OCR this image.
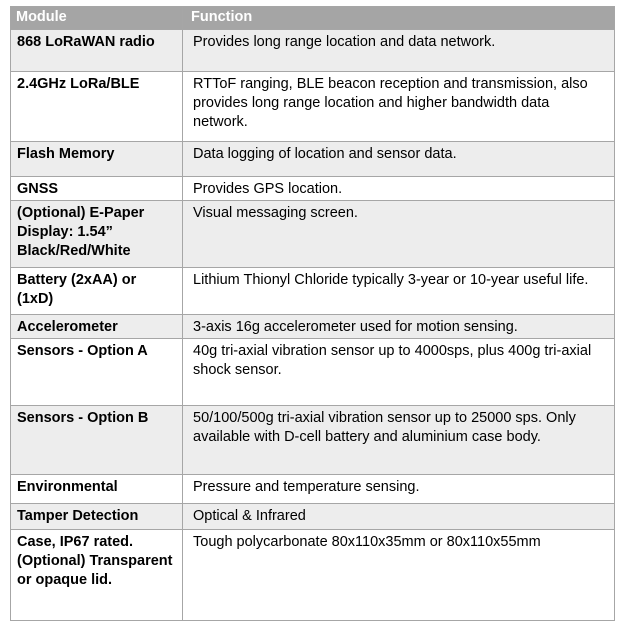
Module	Function
868 LoRaWAN radio	Provides long range location and data network.
2.4GHz LoRa/BLE	RTToF ranging, BLE beacon reception and transmission, also provides long range location and higher bandwidth data network.
Flash Memory	Data logging of location and sensor data.
GNSS	Provides GPS location.
(Optional) E-Paper Display: 1.54” Black/Red/White	Visual messaging screen.
Battery (2xAA) or (1xD)	Lithium Thionyl Chloride typically 3-year or 10-year useful life.
Accelerometer	3-axis 16g accelerometer used for motion sensing.
Sensors - Option A	40g tri-axial vibration sensor up to 4000sps, plus 400g tri-axial shock sensor.
Sensors - Option B	50/100/500g tri-axial vibration sensor up to 25000 sps. Only available with D-cell battery and aluminium case body.
Environmental	Pressure and temperature sensing.
Tamper Detection	Optical & Infrared
Case, IP67 rated. (Optional) Transparent or opaque lid.	Tough polycarbonate 80x110x35mm or 80x110x55mm
